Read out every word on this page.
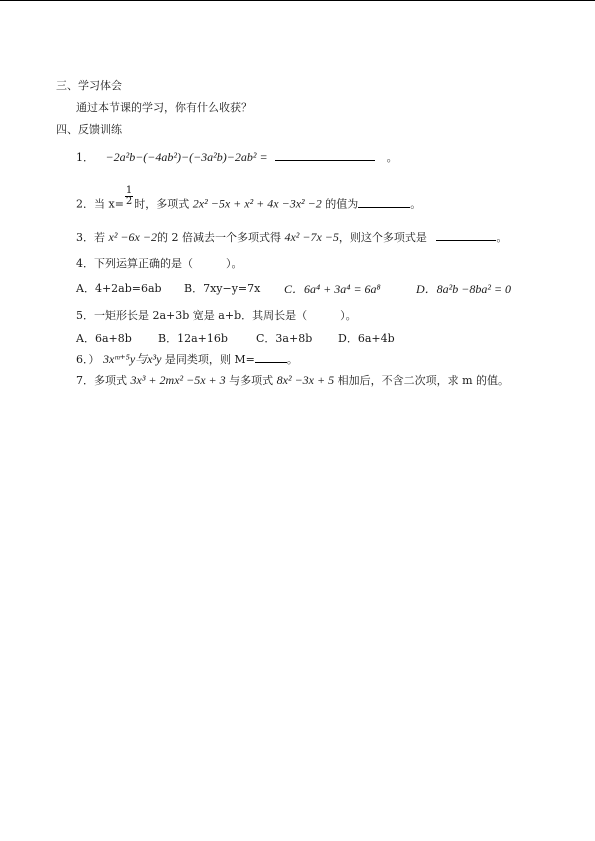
三、学习体会
通过本节课的学习，你有什么收获？
四、反馈训练
1． −2a²b−(−4ab²)−(−3a²b)−2ab² =	。
2．当 $x= \frac{1}{2}$ 时，多项式 2x² −5x + x² + 4x −3x² −2 的值为	。
3．若 x² −6x −2的 2 倍减去一个多项式得 4x² −7x −5，则这个多项式是	。
4．下列运算正确的是（　　　）。
A．4+2ab=6ab B．7xy−y=7x C．6a⁴ + 3a⁴ = 6a⁸	D．8a²b −8ba² = 0
5．一矩形长是 2a+3b 宽是 a+b．其周长是（　　　）。
A．6a+8b B．12a+16b	C．3a+8b D．6a+4b
6．） 3xᵐ⁺⁵y与x³y 是同类项，则 M=	。
7．多项式 3x³ + 2mx² −5x + 3 与多项式 8x² −3x + 5 相加后，不含二次项，求 m 的值。
